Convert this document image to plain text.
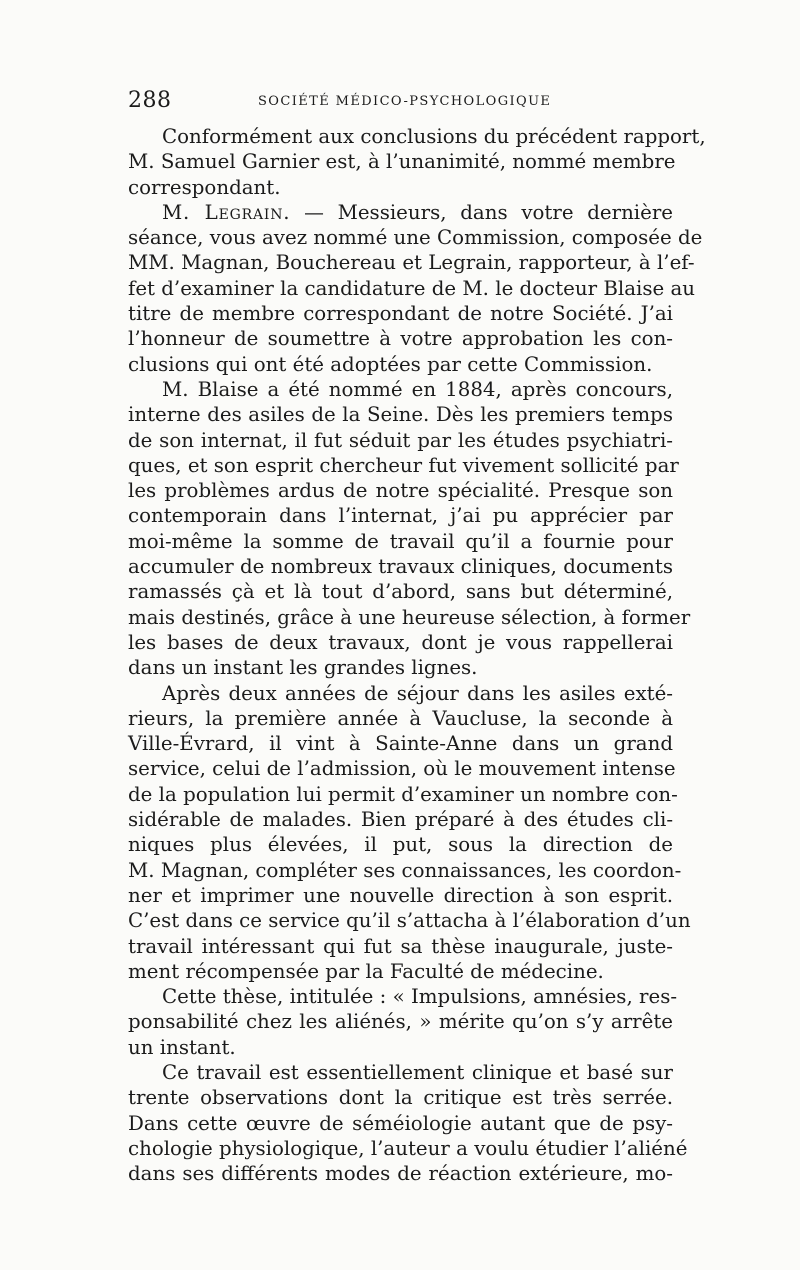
288	SOCIÉTÉ MÉDICO-PSYCHOLOGIQUE
Conformément aux conclusions du précédent rapport,
M. Samuel Garnier est, à l’unanimité, nommé membre
correspondant.
M. Legrain. — Messieurs, dans votre dernière
séance, vous avez nommé une Commission, composée de
MM. Magnan, Bouchereau et Legrain, rapporteur, à l’ef-
fet d’examiner la candidature de M. le docteur Blaise au
titre de membre correspondant de notre Société. J’ai
l’honneur de soumettre à votre approbation les con-
clusions qui ont été adoptées par cette Commission.
M. Blaise a été nommé en 1884, après concours,
interne des asiles de la Seine. Dès les premiers temps
de son internat, il fut séduit par les études psychiatri-
ques, et son esprit chercheur fut vivement sollicité par
les problèmes ardus de notre spécialité. Presque son
contemporain dans l’internat, j’ai pu apprécier par
moi-même la somme de travail qu’il a fournie pour
accumuler de nombreux travaux cliniques, documents
ramassés çà et là tout d’abord, sans but déterminé,
mais destinés, grâce à une heureuse sélection, à former
les bases de deux travaux, dont je vous rappellerai
dans un instant les grandes lignes.
Après deux années de séjour dans les asiles exté-
rieurs, la première année à Vaucluse, la seconde à
Ville-Évrard, il vint à Sainte-Anne dans un grand
service, celui de l’admission, où le mouvement intense
de la population lui permit d’examiner un nombre con-
sidérable de malades. Bien préparé à des études cli-
niques plus élevées, il put, sous la direction de
M. Magnan, compléter ses connaissances, les coordon-
ner et imprimer une nouvelle direction à son esprit.
C’est dans ce service qu’il s’attacha à l’élaboration d’un
travail intéressant qui fut sa thèse inaugurale, juste-
ment récompensée par la Faculté de médecine.
Cette thèse, intitulée : « Impulsions, amnésies, res-
ponsabilité chez les aliénés, » mérite qu’on s’y arrête
un instant.
Ce travail est essentiellement clinique et basé sur
trente observations dont la critique est très serrée.
Dans cette œuvre de séméiologie autant que de psy-
chologie physiologique, l’auteur a voulu étudier l’aliéné
dans ses différents modes de réaction extérieure, mo-
